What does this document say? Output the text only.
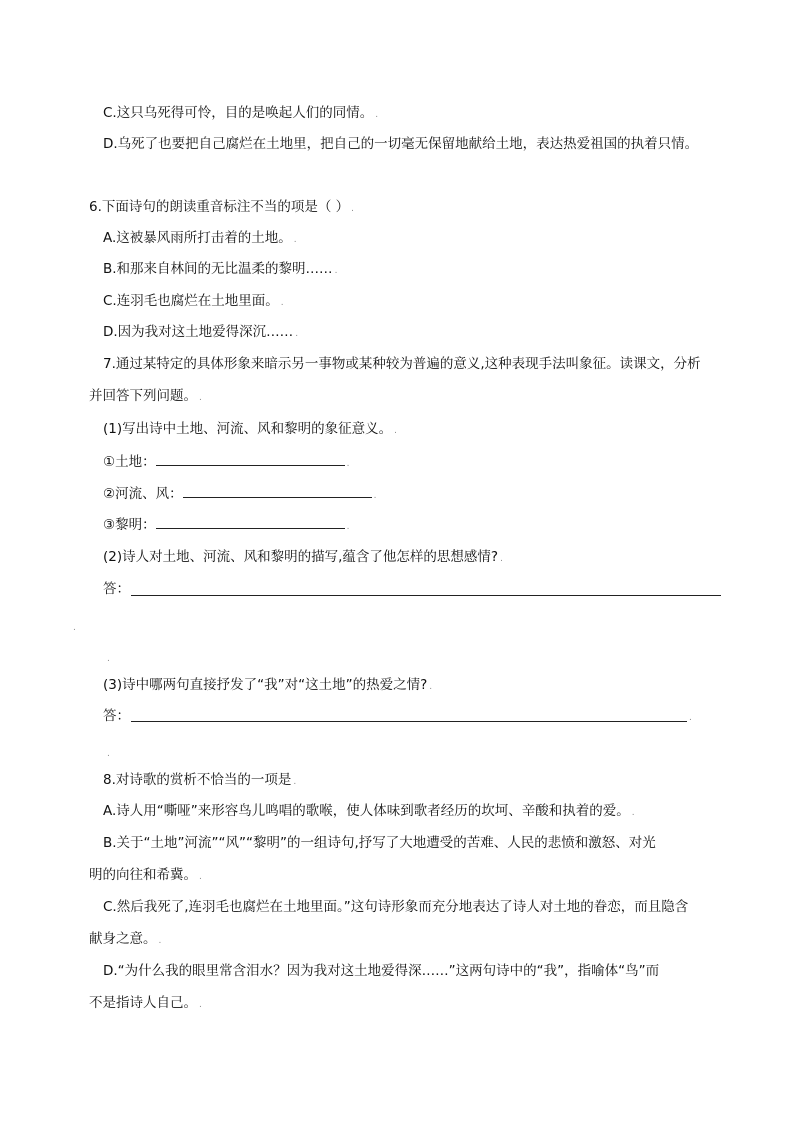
C.这只乌死得可怜，目的是唤起人们的同情。 .
D.乌死了也要把自己腐烂在土地里，把自己的一切毫无保留地献给土地，表达热爱祖国的执着只情。
6.下面诗句的朗读重音标注不当的项是（ ） .
A.这被暴风雨所打击着的土地。 .
B.和那来自林间的无比温柔的黎明…… .
C.连羽毛也腐烂在土地里面。 .
D.因为我对这土地爱得深沉…… .
7.通过某特定的具体形象来暗示另一事物或某种较为普遍的意义,这种表现手法叫象征。读课文，分析
并回答下列问题。 .
(1)写出诗中土地、河流、风和黎明的象征意义。 .
①土地：	.
②河流、风：	.
③黎明：	.
(2)诗人对土地、河流、风和黎明的描写,蕴含了他怎样的思想感情? .
答：
.
.
(3)诗中哪两句直接抒发了“我”对“这土地”的热爱之情? .
答：	.
.
8.对诗歌的赏析不恰当的一项是 .
A.诗人用“嘶哑”来形容鸟儿鸣唱的歌喉，使人体味到歌者经历的坎坷、辛酸和执着的爱。 .
B.关于“土地”河流”“风”“黎明”的一组诗句,抒写了大地遭受的苦难、人民的悲愤和激怒、对光
明的向往和希冀。 .
C.然后我死了,连羽毛也腐烂在土地里面。”这句诗形象而充分地表达了诗人对土地的眷恋，而且隐含
献身之意。 .
D.“为什么我的眼里常含泪水？因为我对这土地爱得深……”这两句诗中的“我”，指喻体“鸟”而
不是指诗人自己。 .
